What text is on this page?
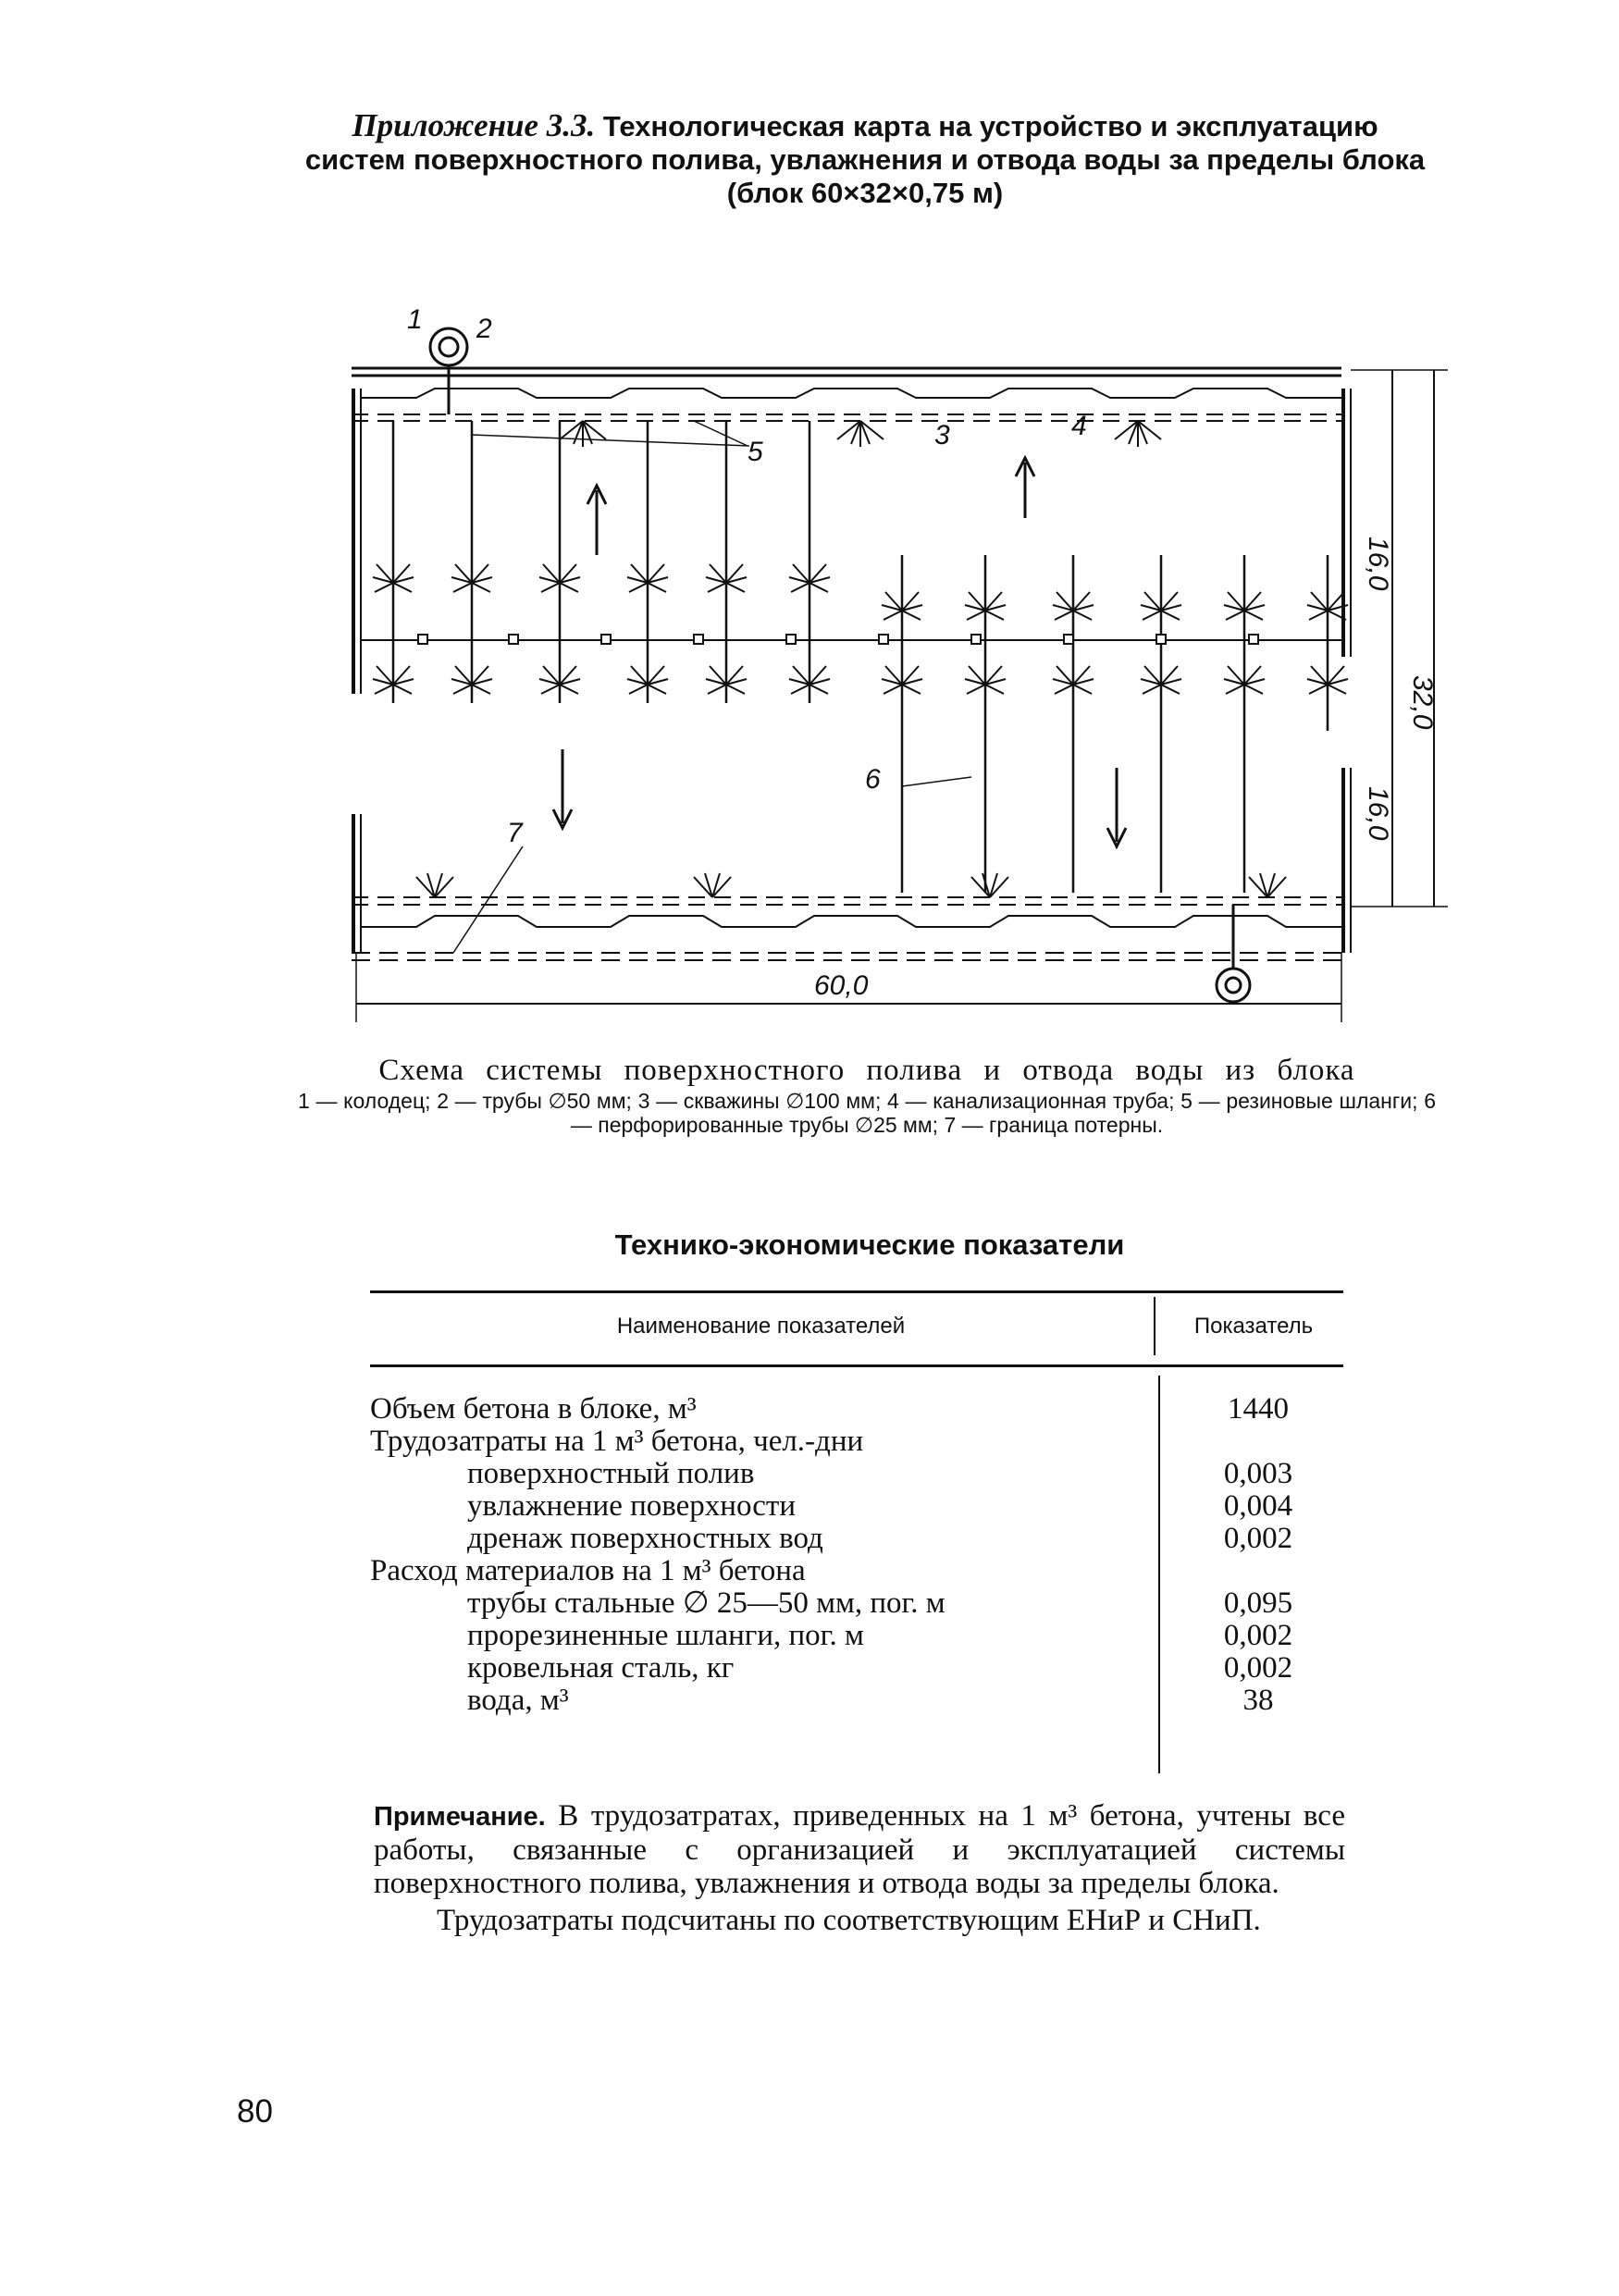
Приложение 3.3. Технологическая карта на устройство и эксплуатацию
систем поверхностного полива, увлажнения и отвода воды за пределы блока
(блок 60×32×0,75 м)
1 2
3	4
5
6
7
60,0
16,0
16,0
32,0
Схема системы поверхностного полива и отвода воды из блока
1 — колодец; 2 — трубы ∅50 мм; 3 — скважины ∅100 мм; 4 — канализационная труба; 5 — резиновые шланги; 6 — перфорированные трубы ∅25 мм; 7 — граница потерны.
Технико-экономические показатели
Наименование показателей	Показатель
Объем бетона в блоке, м³	1440
Трудозатраты на 1 м³ бетона, чел.-дни
поверхностный полив	0,003
увлажнение поверхности	0,004
дренаж поверхностных вод	0,002
Расход материалов на 1 м³ бетона
трубы стальные ∅ 25—50 мм, пог. м	0,095
прорезиненные шланги, пог. м	0,002
кровельная сталь, кг	0,002
вода, м³	38

Примечание. В трудозатратах, приведенных на 1 м³ бетона, учтены все работы, связанные с организацией и эксплуатацией системы поверхностного полива, увлажнения и отвода воды за пределы блока.

Трудозатраты подсчитаны по соответствующим ЕНиР и СНиП.

80
